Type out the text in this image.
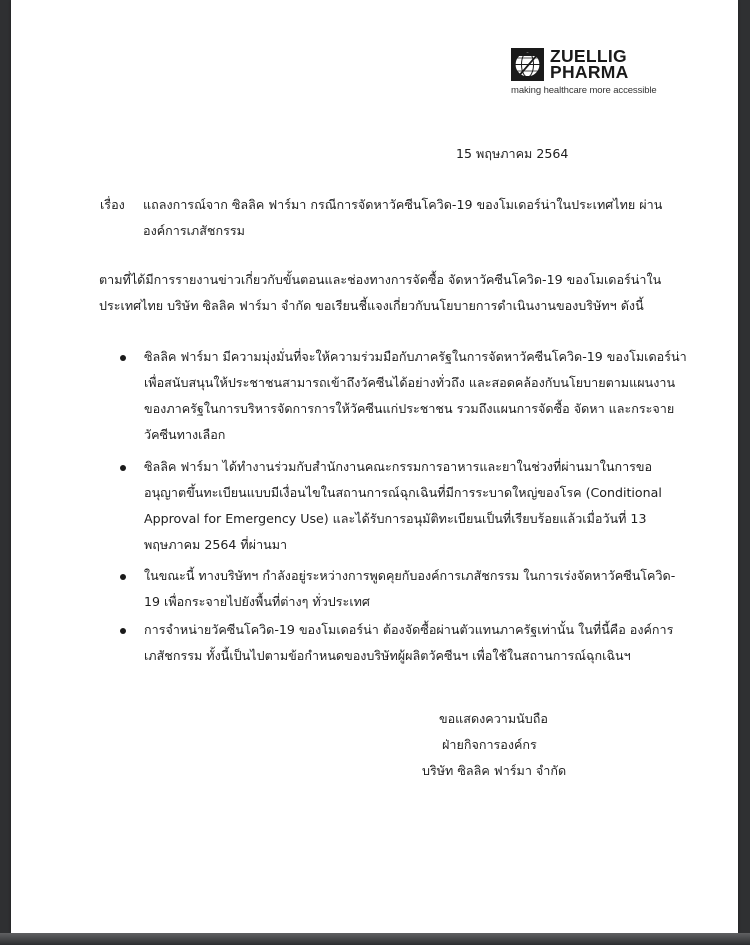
ZUELLIG
PHARMA
making healthcare more accessible
15 พฤษภาคม 2564
เรื่อง แถลงการณ์จาก ซิลลิค ฟาร์มา กรณีการจัดหาวัคซีนโควิด-19 ของโมเดอร์น่าในประเทศไทย ผ่าน
องค์การเภสัชกรรม
ตามที่ได้มีการรายงานข่าวเกี่ยวกับขั้นตอนและช่องทางการจัดซื้อ จัดหาวัคซีนโควิด-19 ของโมเดอร์น่าใน
ประเทศไทย บริษัท ซิลลิค ฟาร์มา จำกัด ขอเรียนชี้แจงเกี่ยวกับนโยบายการดำเนินงานของบริษัทฯ ดังนี้
ซิลลิค ฟาร์มา มีความมุ่งมั่นที่จะให้ความร่วมมือกับภาครัฐในการจัดหาวัคซีนโควิด-19 ของโมเดอร์น่า
เพื่อสนับสนุนให้ประชาชนสามารถเข้าถึงวัคซีนได้อย่างทั่วถึง และสอดคล้องกับนโยบายตามแผนงาน
ของภาครัฐในการบริหารจัดการการให้วัคซีนแก่ประชาชน รวมถึงแผนการจัดซื้อ จัดหา และกระจาย
วัคซีนทางเลือก
ซิลลิค ฟาร์มา ได้ทำงานร่วมกับสำนักงานคณะกรรมการอาหารและยาในช่วงที่ผ่านมาในการขอ
อนุญาตขึ้นทะเบียนแบบมีเงื่อนไขในสถานการณ์ฉุกเฉินที่มีการระบาดใหญ่ของโรค (Conditional
Approval for Emergency Use) และได้รับการอนุมัติทะเบียนเป็นที่เรียบร้อยแล้วเมื่อวันที่ 13
พฤษภาคม 2564 ที่ผ่านมา
ในขณะนี้ ทางบริษัทฯ กำลังอยู่ระหว่างการพูดคุยกับองค์การเภสัชกรรม ในการเร่งจัดหาวัคซีนโควิด-
19 เพื่อกระจายไปยังพื้นที่ต่างๆ ทั่วประเทศ
การจำหน่ายวัคซีนโควิด-19 ของโมเดอร์น่า ต้องจัดซื้อผ่านตัวแทนภาครัฐเท่านั้น ในที่นี้คือ องค์การ
เภสัชกรรม ทั้งนี้เป็นไปตามข้อกำหนดของบริษัทผู้ผลิตวัคซีนฯ เพื่อใช้ในสถานการณ์ฉุกเฉินฯ
ขอแสดงความนับถือ
ฝ่ายกิจการองค์กร
บริษัท ซิลลิค ฟาร์มา จำกัด
